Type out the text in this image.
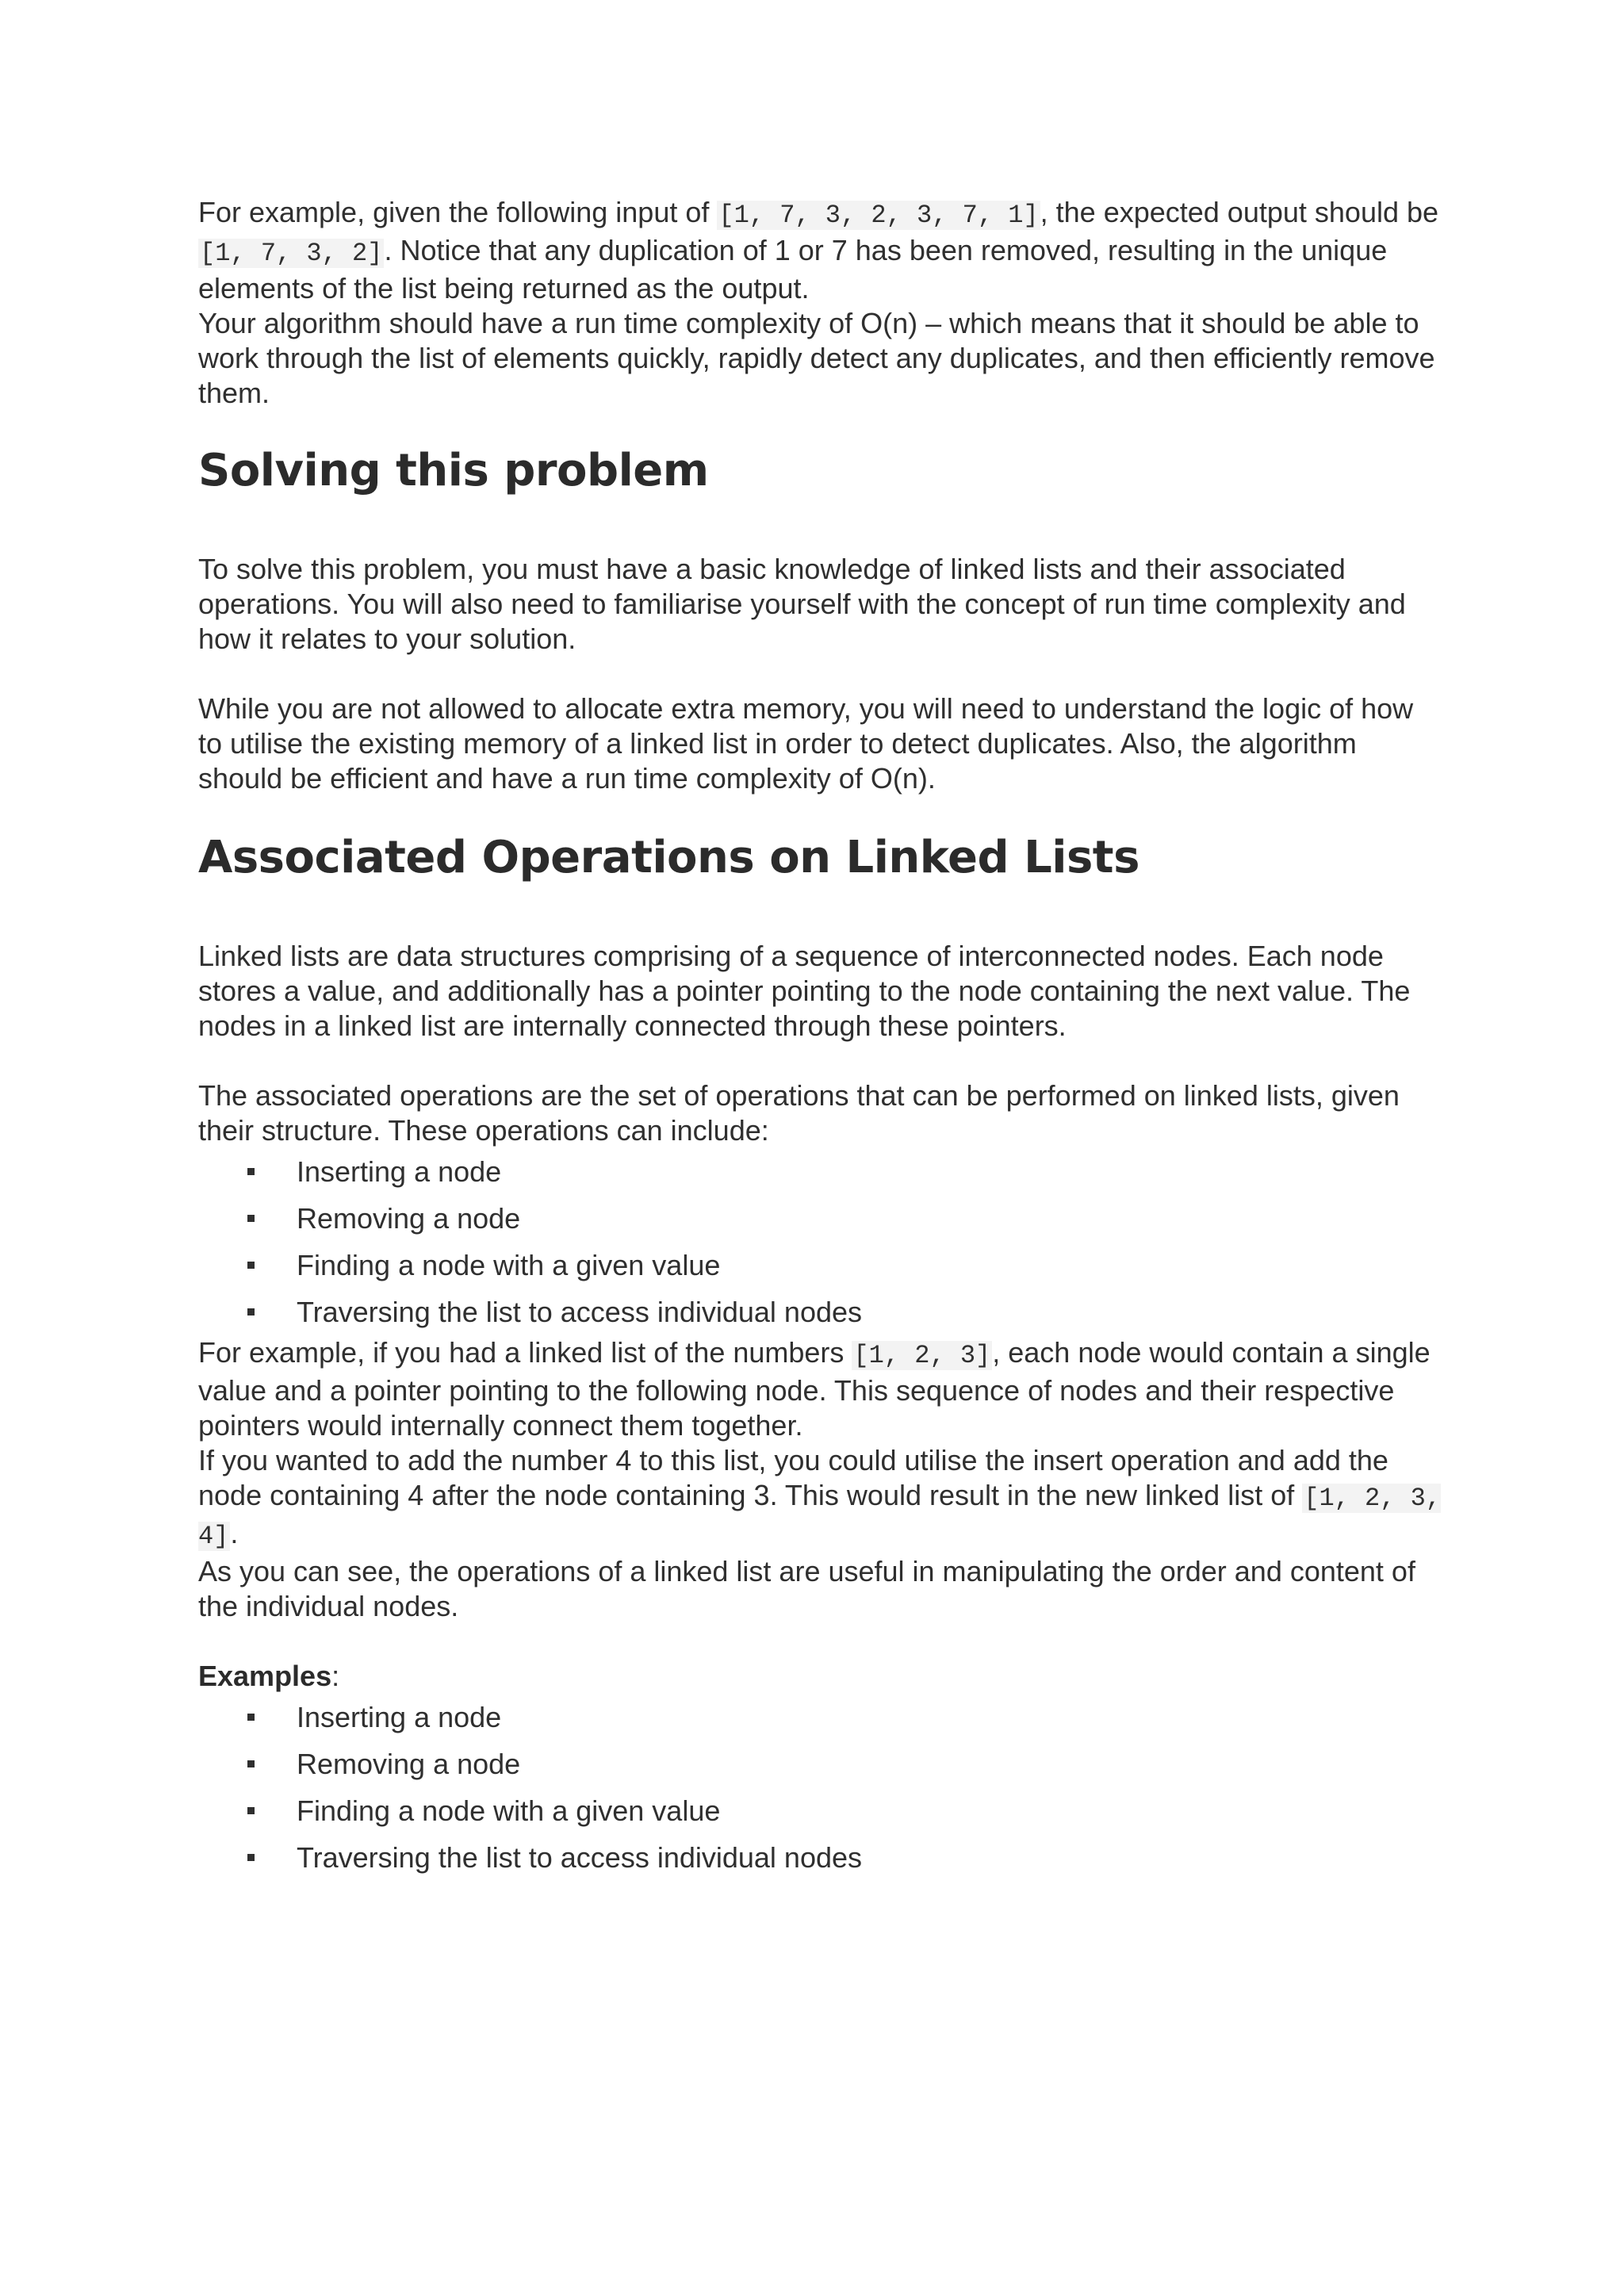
For example, given the following input of [1, 7, 3, 2, 3, 7, 1], the expected output should be [1, 7, 3, 2]. Notice that any duplication of 1 or 7 has been removed, resulting in the unique elements of the list being returned as the output.

Your algorithm should have a run time complexity of O(n) – which means that it should be able to work through the list of elements quickly, rapidly detect any duplicates, and then efficiently remove them.

Solving this problem

To solve this problem, you must have a basic knowledge of linked lists and their associated operations. You will also need to familiarise yourself with the concept of run time complexity and how it relates to your solution.

While you are not allowed to allocate extra memory, you will need to understand the logic of how to utilise the existing memory of a linked list in order to detect duplicates. Also, the algorithm should be efficient and have a run time complexity of O(n).

Associated Operations on Linked Lists

Linked lists are data structures comprising of a sequence of interconnected nodes. Each node stores a value, and additionally has a pointer pointing to the node containing the next value. The nodes in a linked list are internally connected through these pointers.

The associated operations are the set of operations that can be performed on linked lists, given their structure. These operations can include:

Inserting a node
Removing a node
Finding a node with a given value
Traversing the list to access individual nodes

For example, if you had a linked list of the numbers [1, 2, 3], each node would contain a single value and a pointer pointing to the following node. This sequence of nodes and their respective pointers would internally connect them together.

If you wanted to add the number 4 to this list, you could utilise the insert operation and add the node containing 4 after the node containing 3. This would result in the new linked list of [1, 2, 3, 4].

As you can see, the operations of a linked list are useful in manipulating the order and content of the individual nodes.

Examples:

Inserting a node
Removing a node
Finding a node with a given value
Traversing the list to access individual nodes
